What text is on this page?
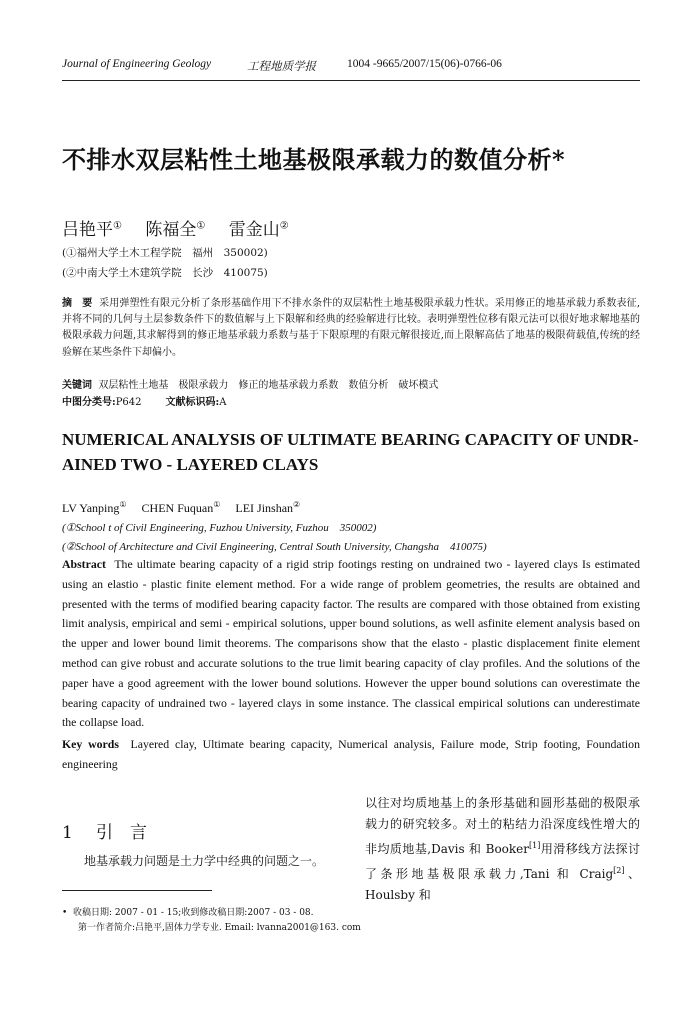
Journal of Engineering Geology	工程地质学报	1004 -9665/2007/15(06)-0766-06
不排水双层粘性土地基极限承载力的数值分析*
吕艳平① 陈福全① 雷金山②
(①福州大学土木工程学院　福州　350002)
(②中南大学土木建筑学院　长沙　410075)
摘　要 采用弹塑性有限元分析了条形基础作用下不排水条件的双层粘性土地基极限承载力性状。采用修正的地基承载力系数表征,并将不同的几何与土层参数条件下的数值解与上下限解和经典的经验解进行比较。表明弹塑性位移有限元法可以很好地求解地基的极限承载力问题,其求解得到的修正地基承载力系数与基于下限原理的有限元解很接近,而上限解高估了地基的极限荷载值,传统的经验解在某些条件下却偏小。
关键词 双层粘性土地基　极限承载力　修正的地基承载力系数　数值分析　破坏模式
中图分类号:P642 文献标识码:A
NUMERICAL ANALYSIS OF ULTIMATE BEARING CAPACITY OF UNDR-AINED TWO - LAYERED CLAYS
LV Yanping① CHEN Fuquan① LEI Jinshan②
(①School t of Civil Engineering, Fuzhou University, Fuzhou　350002)
(②School of Architecture and Civil Engineering, Central South University, Changsha　410075)
Abstract The ultimate bearing capacity of a rigid strip footings resting on undrained two - layered clays Is estimated using an elastio - plastic finite element method. For a wide range of problem geometries, the results are obtained and presented with the terms of modified bearing capacity factor. The results are compared with those obtained from existing limit analysis, empirical and semi - empirical solutions, upper bound solutions, as well asfinite element analysis based on the upper and lower bound limit theorems. The comparisons show that the elasto - plastic displacement finite element method can give robust and accurate solutions to the true limit bearing capacity of clay profiles. And the solutions of the paper have a good agreement with the lower bound solutions. However the upper bound solutions can overestimate the bearing capacity of undrained two - layered clays in some instance. The classical empirical solutions can underestimate the collapse load.
Key words Layered clay, Ultimate bearing capacity, Numerical analysis, Failure mode, Strip footing, Foundation engineering
1 引　言
地基承载力问题是土力学中经典的问题之一。
以往对均质地基上的条形基础和圆形基础的极限承载力的研究较多。对土的粘结力沿深度线性增大的非均质地基,Davis 和 Booker[1]用滑移线方法探讨了条形地基极限承载力,Tani 和 Craig[2]、Houlsby 和
•  收稿日期: 2007 - 01 - 15;收到修改稿日期:2007 - 03 - 08.
第一作者简介:吕艳平,固体力学专业. Email: lvanna2001@163. com
